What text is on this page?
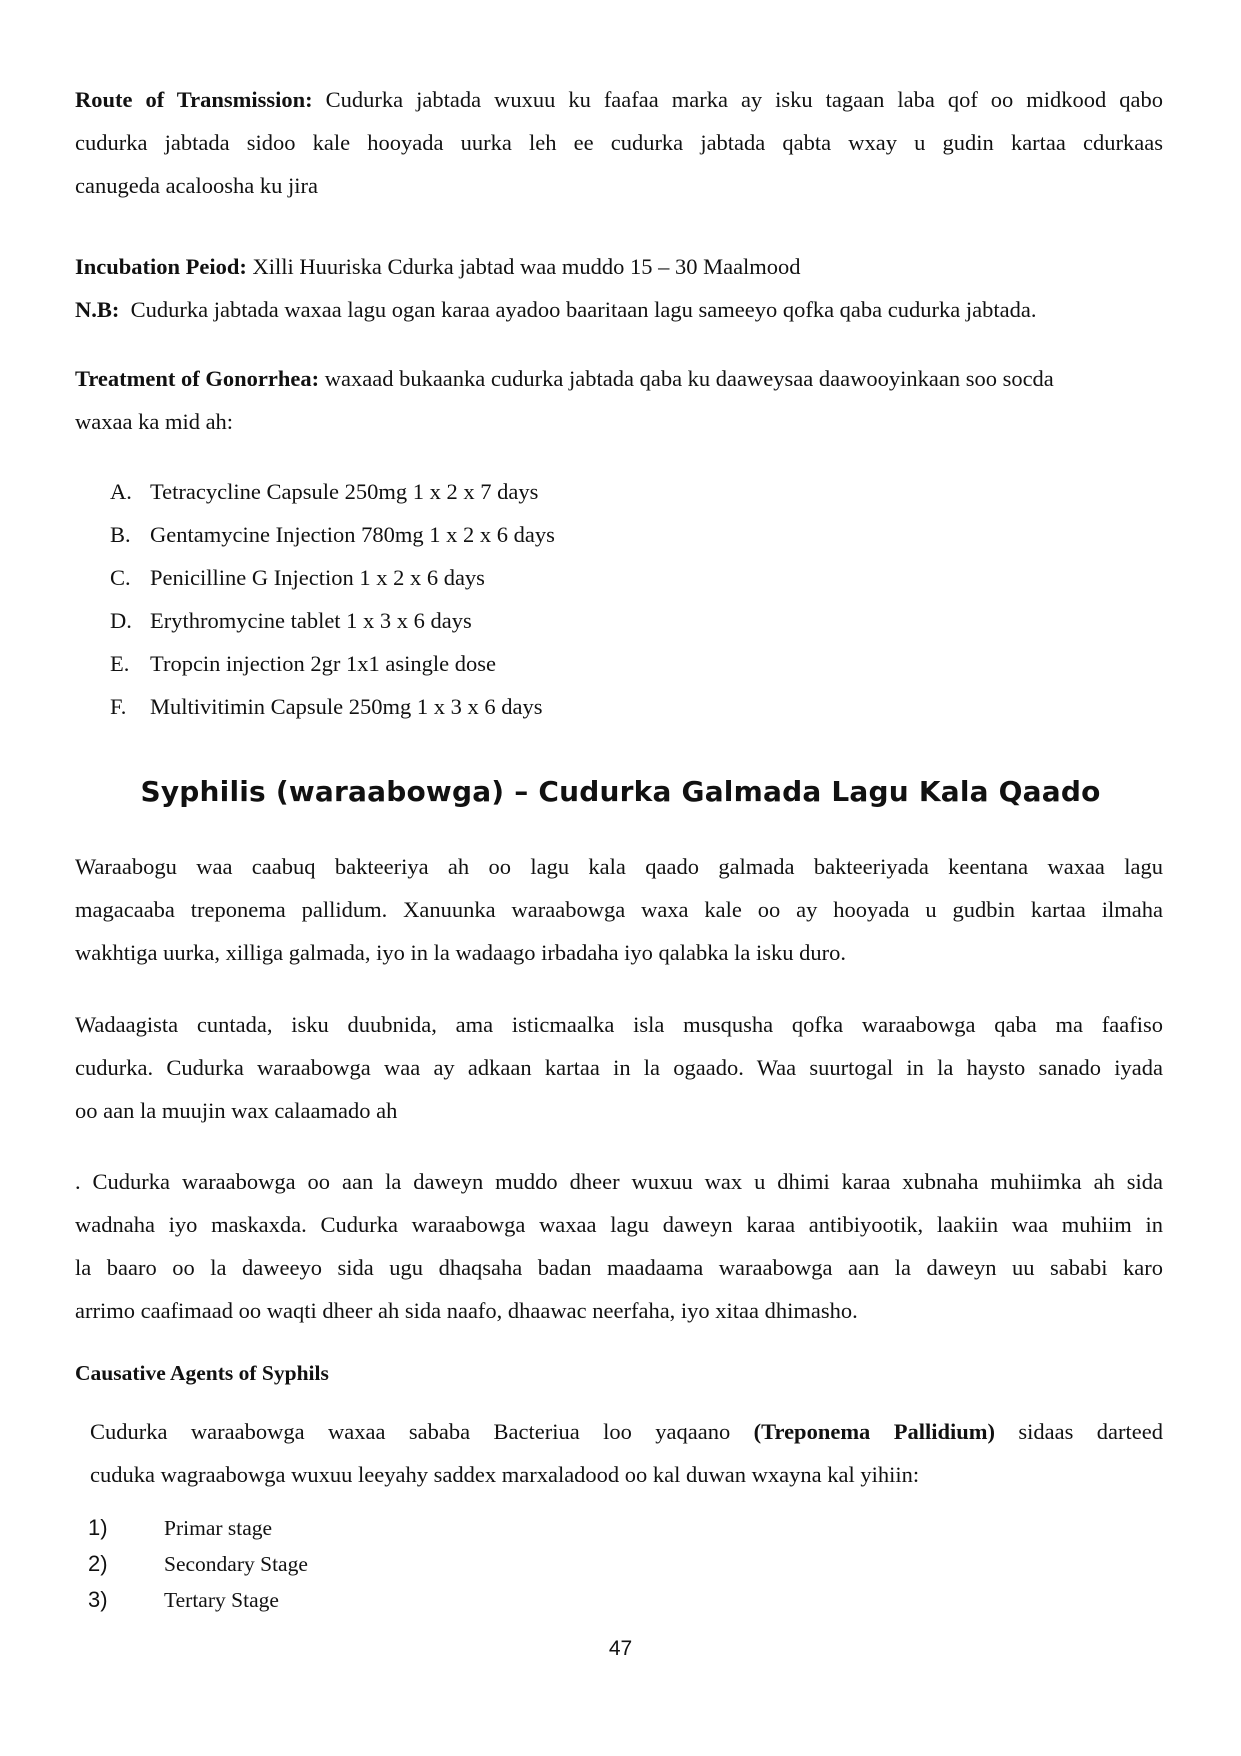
Route of Transmission: Cudurka jabtada wuxuu ku faafaa marka ay isku tagaan laba qof oo midkood qabo
cudurka jabtada sidoo kale hooyada uurka leh ee cudurka jabtada qabta wxay u gudin kartaa cdurkaas
canugeda acaloosha ku jira
Incubation Peiod: Xilli Huuriska Cdurka jabtad waa muddo 15 – 30 Maalmood
N.B: Cudurka jabtada waxaa lagu ogan karaa ayadoo baaritaan lagu sameeyo qofka qaba cudurka jabtada.
Treatment of Gonorrhea: waxaad bukaanka cudurka jabtada qaba ku daaweysaa daawooyinkaan soo socda
waxaa ka mid ah:
A. Tetracycline Capsule 250mg 1 x 2 x 7 days
B. Gentamycine Injection 780mg 1 x 2 x 6 days
C. Penicilline G Injection 1 x 2 x 6 days
D. Erythromycine tablet 1 x 3 x 6 days
E. Tropcin injection 2gr 1x1 asingle dose
F. Multivitimin Capsule 250mg 1 x 3 x 6 days
Syphilis (waraabowga) – Cudurka Galmada Lagu Kala Qaado
Waraabogu waa caabuq bakteeriya ah oo lagu kala qaado galmada bakteeriyada keentana waxaa lagu
magacaaba treponema pallidum. Xanuunka waraabowga waxa kale oo ay hooyada u gudbin kartaa ilmaha
wakhtiga uurka, xilliga galmada, iyo in la wadaago irbadaha iyo qalabka la isku duro.
Wadaagista cuntada, isku duubnida, ama isticmaalka isla musqusha qofka waraabowga qaba ma faafiso
cudurka. Cudurka waraabowga waa ay adkaan kartaa in la ogaado. Waa suurtogal in la haysto sanado iyada
oo aan la muujin wax calaamado ah
. Cudurka waraabowga oo aan la daweyn muddo dheer wuxuu wax u dhimi karaa xubnaha muhiimka ah sida
wadnaha iyo maskaxda. Cudurka waraabowga waxaa lagu daweyn karaa antibiyootik, laakiin waa muhiim in
la baaro oo la daweeyo sida ugu dhaqsaha badan maadaama waraabowga aan la daweyn uu sababi karo
arrimo caafimaad oo waqti dheer ah sida naafo, dhaawac neerfaha, iyo xitaa dhimasho.
Causative Agents of Syphils
Cudurka waraabowga waxaa sababa Bacteriua loo yaqaano (Treponema Pallidium) sidaas darteed
cuduka wagraabowga wuxuu leeyahy saddex marxaladood oo kal duwan wxayna kal yihiin:
1)	Primar stage
2)	Secondary Stage
3)	Tertary Stage
47
